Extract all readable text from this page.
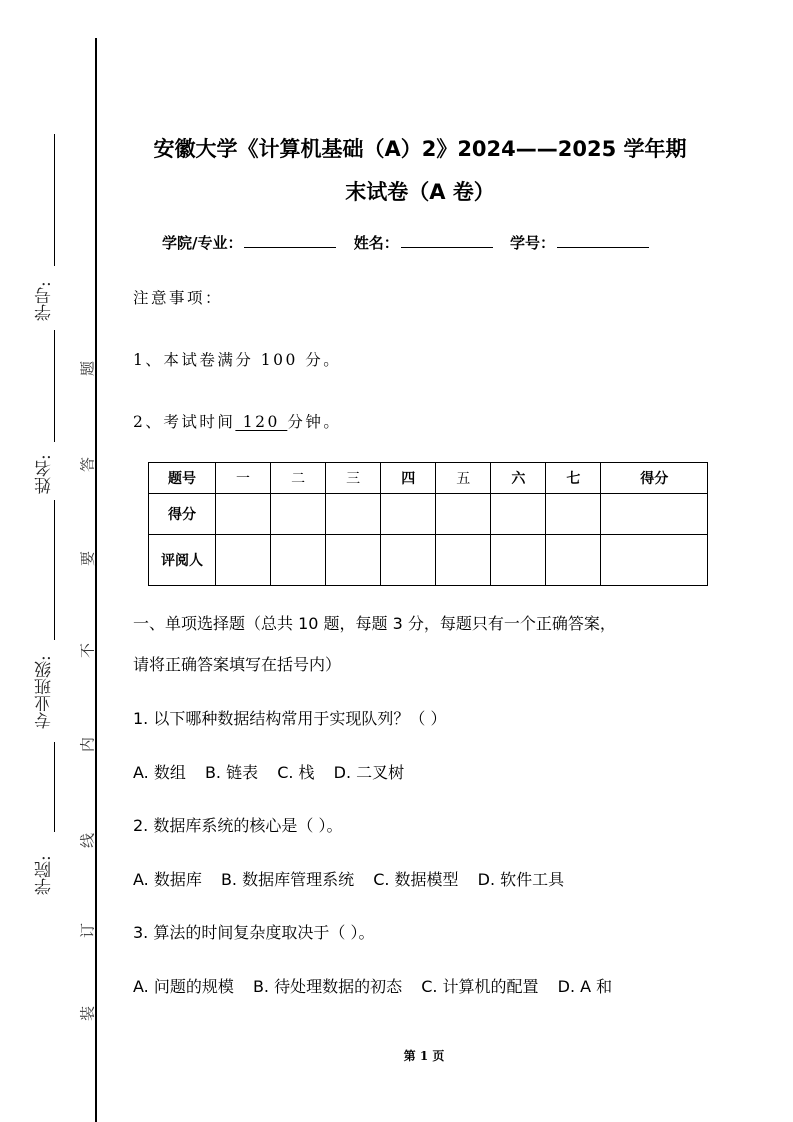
学号:
姓名:
专业班级:
学院:
题
答
要
不
内
线
订
装
安徽大学《计算机基础（A）2》2024——2025 学年期
末试卷（A 卷）
学院/专业：	姓名：	学号：
注意事项：
1、本试卷满分 100 分。
2、考试时间 120 分钟。
题号	一	二	三	四	五	六	七	得分
得分								
评阅人								
一、单项选择题（总共 10 题，每题 3 分，每题只有一个正确答案，
请将正确答案填写在括号内）
1. 以下哪种数据结构常用于实现队列？（ ）
A. 数组 B. 链表 C. 栈 D. 二叉树
2. 数据库系统的核心是（ ）。
A. 数据库 B. 数据库管理系统 C. 数据模型 D. 软件工具
3. 算法的时间复杂度取决于（ ）。
A. 问题的规模 B. 待处理数据的初态 C. 计算机的配置 D. A 和
第 1 页
